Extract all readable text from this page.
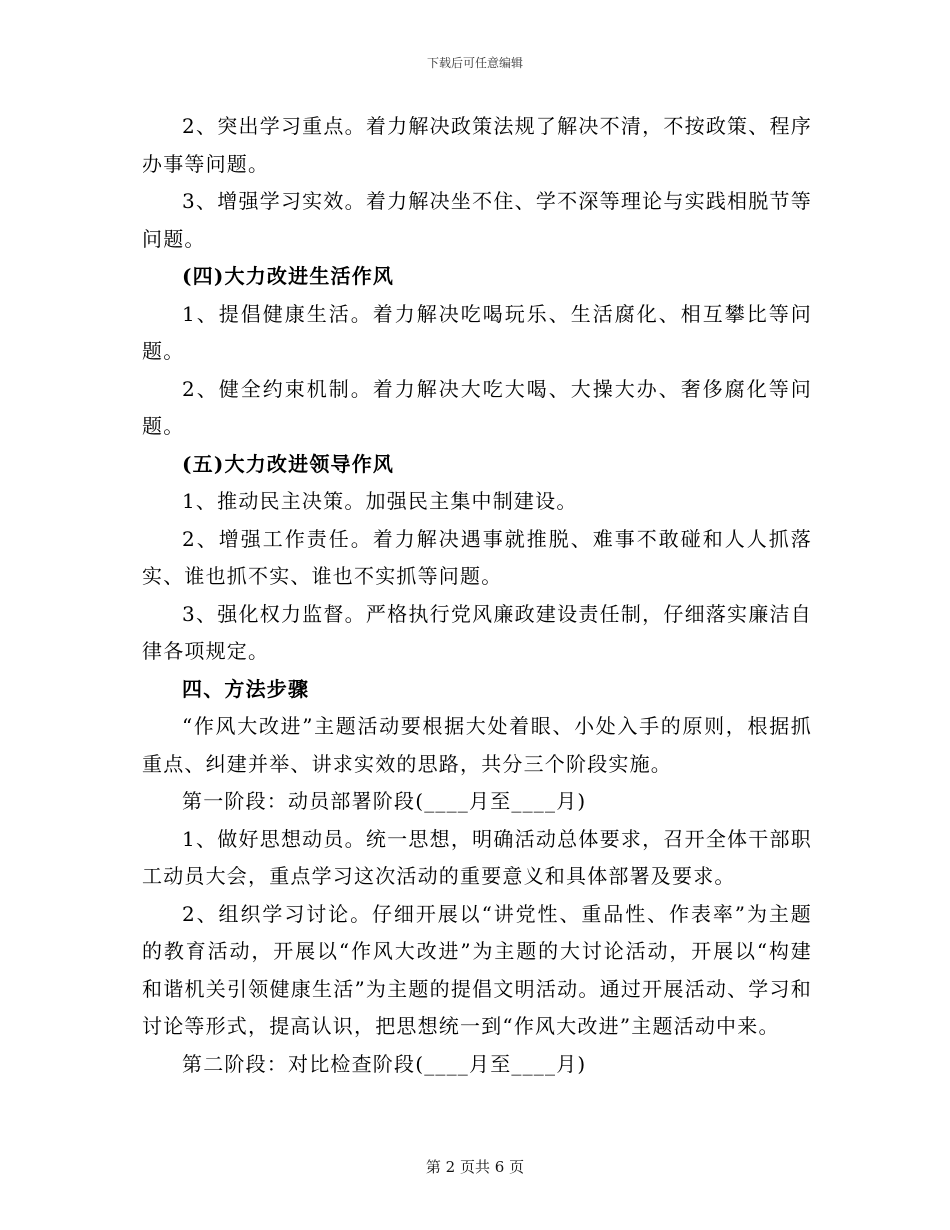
下载后可任意编辑

2、突出学习重点。着力解决政策法规了解决不清，不按政策、程序办事等问题。

3、增强学习实效。着力解决坐不住、学不深等理论与实践相脱节等问题。

(四)大力改进生活作风

1、提倡健康生活。着力解决吃喝玩乐、生活腐化、相互攀比等问题。

2、健全约束机制。着力解决大吃大喝、大操大办、奢侈腐化等问题。

(五)大力改进领导作风

1、推动民主决策。加强民主集中制建设。

2、增强工作责任。着力解决遇事就推脱、难事不敢碰和人人抓落实、谁也抓不实、谁也不实抓等问题。

3、强化权力监督。严格执行党风廉政建设责任制，仔细落实廉洁自律各项规定。

四、方法步骤

“作风大改进”主题活动要根据大处着眼、小处入手的原则，根据抓重点、纠建并举、讲求实效的思路，共分三个阶段实施。

第一阶段：动员部署阶段(____月至____月)

1、做好思想动员。统一思想，明确活动总体要求，召开全体干部职工动员大会，重点学习这次活动的重要意义和具体部署及要求。

2、组织学习讨论。仔细开展以“讲党性、重品性、作表率”为主题的教育活动，开展以“作风大改进”为主题的大讨论活动，开展以“构建和谐机关引领健康生活”为主题的提倡文明活动。通过开展活动、学习和讨论等形式，提高认识，把思想统一到“作风大改进”主题活动中来。

第二阶段：对比检查阶段(____月至____月)

第 2 页共 6 页
